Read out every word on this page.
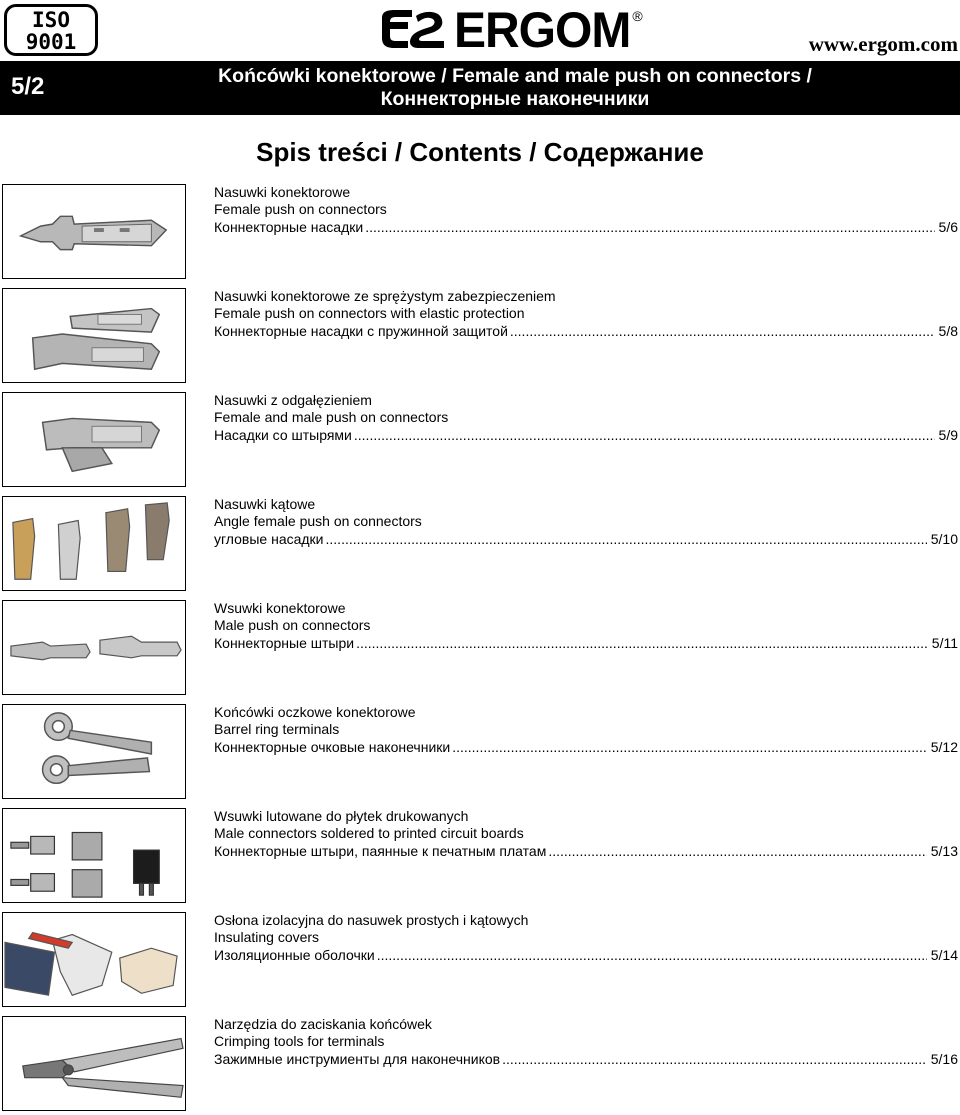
ISO
9001	ERGOM ®
www.ergom.com
5/2	Końcówki konektorowe / Female and male push on connectors /
Коннекторные наконечники
Spis treści / Contents / Содержание
Nasuwki konektorowe
Female push on connectors
Коннекторные насадки .....	5/6
Nasuwki konektorowe ze sprężystym zabezpieczeniem
Female push on connectors with elastic protection
Коннекторные насадки с пружинной защитой .....	5/8
Nasuwki z odgałęzieniem
Female and male push on connectors
Насадки со штырями .....	5/9
Nasuwki kątowe
Angle female push on connectors
угловые насадки .....	5/10
Wsuwki konektorowe
Male push on connectors
Коннекторные штыри .....	5/11
Końcówki oczkowe konektorowe
Barrel ring terminals
Коннекторные очковые наконечники .....	5/12
Wsuwki lutowane do płytek drukowanych
Male connectors soldered to printed circuit boards
Коннекторные штыри, паянные к печатным платам .....	5/13
Osłona izolacyjna do nasuwek prostych i kątowych
Insulating covers
Изоляционные оболочки .....	5/14
Narzędzia do zaciskania końcówek
Crimping tools for terminals
Зажимные инструмиенты для наконечников .....	5/16
